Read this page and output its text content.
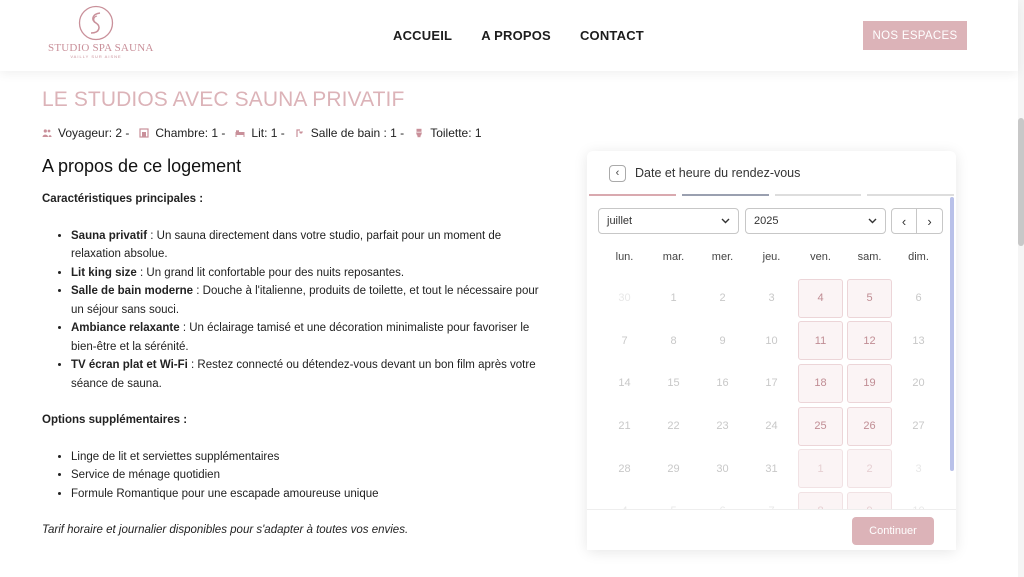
STUDIO SPA SAUNA
VAILLY SUR AISNE
ACCUEIL A PROPOS CONTACT	NOS ESPACES
LE STUDIOS AVEC SAUNA PRIVATIF
Voyageur: 2 - Chambre: 1 - Lit: 1 - Salle de bain : 1 - Toilette: 1
A propos de ce logement
Caractéristiques principales :
• Sauna privatif : Un sauna directement dans votre studio, parfait pour un moment de relaxation absolue.
• Lit king size : Un grand lit confortable pour des nuits reposantes.
• Salle de bain moderne : Douche à l'italienne, produits de toilette, et tout le nécessaire pour un séjour sans souci.
• Ambiance relaxante : Un éclairage tamisé et une décoration minimaliste pour favoriser le bien-être et la sérénité.
• TV écran plat et Wi-Fi : Restez connecté ou détendez-vous devant un bon film après votre séance de sauna.
Options supplémentaires :
• Linge de lit et serviettes supplémentaires
• Service de ménage quotidien
• Formule Romantique pour une escapade amoureuse unique
Tarif horaire et journalier disponibles pour s'adapter à toutes vos envies.
‹ Date et heure du rendez-vous
juillet	2025	‹ ›
lun.	mar.	mer.	jeu.	ven.	sam.	dim.
30	1	2	3	4	5	6
7	8	9	10	11	12	13
14	15	16	17	18	19	20
21	22	23	24	25	26	27
28	29	30	31	1	2	3
Continuer
